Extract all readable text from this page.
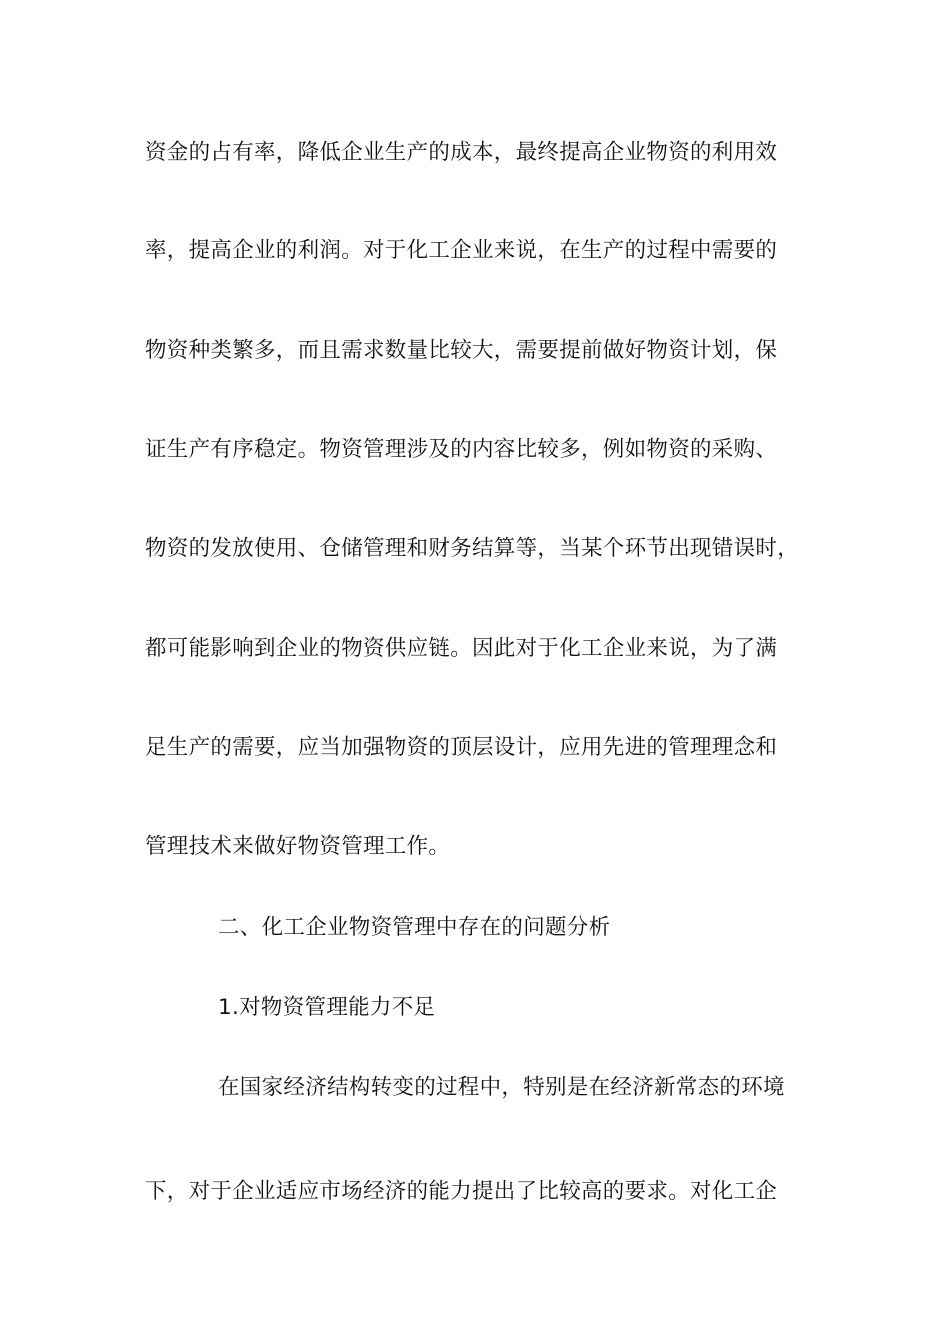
资金的占有率，降低企业生产的成本，最终提高企业物资的利用效
率，提高企业的利润。对于化工企业来说，在生产的过程中需要的
物资种类繁多，而且需求数量比较大，需要提前做好物资计划，保
证生产有序稳定。物资管理涉及的内容比较多，例如物资的采购、
物资的发放使用、仓储管理和财务结算等，当某个环节出现错误时，
都可能影响到企业的物资供应链。因此对于化工企业来说，为了满
足生产的需要，应当加强物资的顶层设计，应用先进的管理理念和
管理技术来做好物资管理工作。
二、化工企业物资管理中存在的问题分析
1.对物资管理能力不足
在国家经济结构转变的过程中，特别是在经济新常态的环境
下，对于企业适应市场经济的能力提出了比较高的要求。对化工企
